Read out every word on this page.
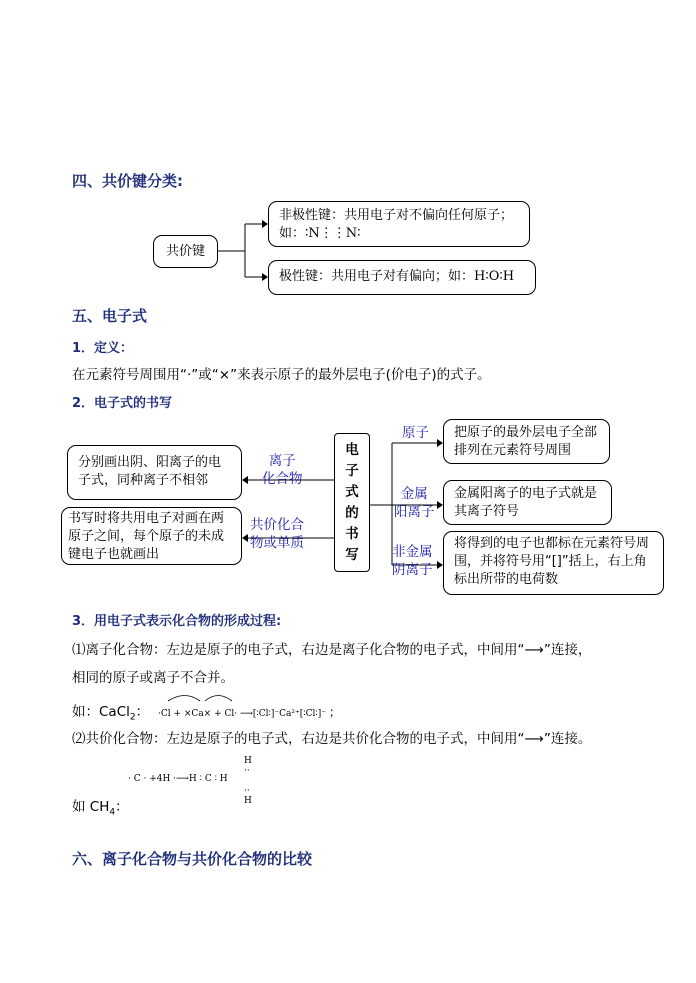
四、共价键分类:
共价键
非极性键：共用电子对不偏向任何原子；
如：∶N⋮⋮N∶
极性键：共用电子对有偏向；如：H∶O∶H
五、电子式
1．定义：
在元素符号周围用“·”或“×”来表示原子的最外层电子(价电子)的式子。
2．电子式的书写
电
子
式
的
书
写
离子
化合物
共价化合
物或单质
分别画出阴、阳离子的电子式，同种离子不相邻
书写时将共用电子对画在两原子之间，每个原子的未成键电子也就画出
原子
金属
阳离子
非金属
阴离子
把原子的最外层电子全部排列在元素符号周围
金属阳离子的电子式就是其离子符号
将得到的电子也都标在元素符号周围，并将符号用“[]”括上，右上角标出所带的电荷数
3．用电子式表示化合物的形成过程:
⑴离子化合物：左边是原子的电子式，右边是离子化合物的电子式，中间用“⟶”连接，
相同的原子或离子不合并。
如：CaCl$_2$： ·Cl + ×Ca× + Cl· ⟶[∶Cl∶]⁻Ca²⁺[∶Cl∶]⁻ ；
⑵共价化合物：左边是原子的电子式，右边是共价化合物的电子式，中间用“⟶”连接。
H
··
· C · +4H ·⟶H ∶ C ∶ H
··
H
如 $CH_4$：
六、离子化合物与共价化合物的比较
